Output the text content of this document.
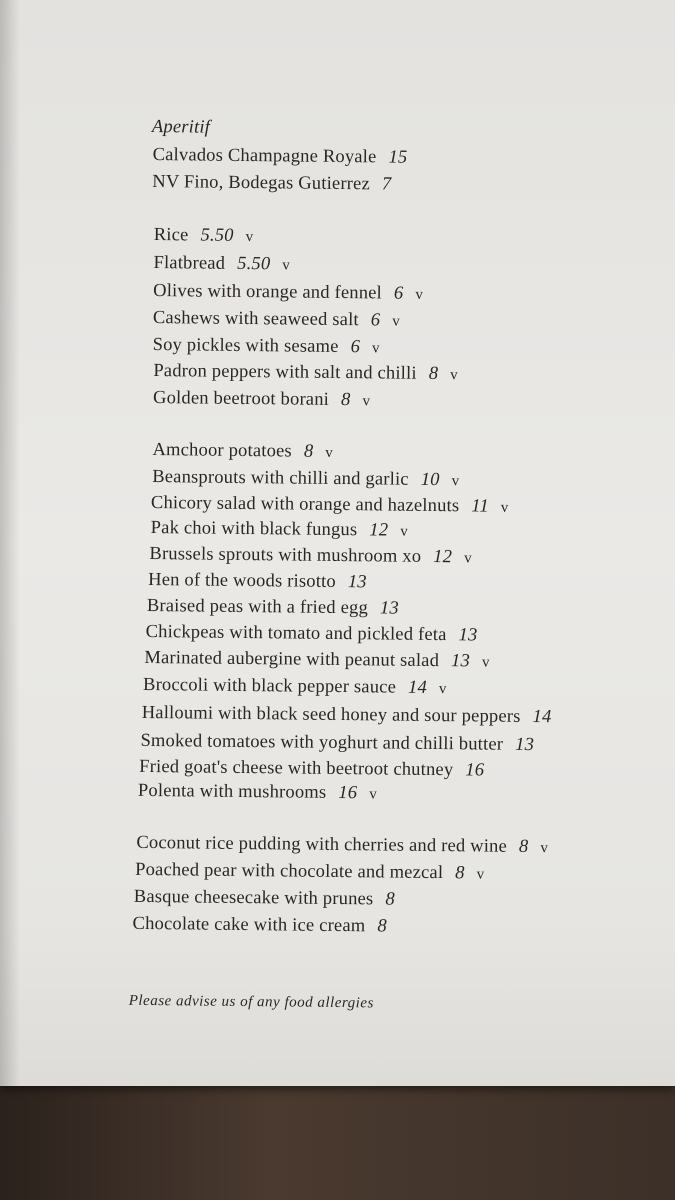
Aperitif
Calvados Champagne Royale 15
NV Fino, Bodegas Gutierrez 7
Rice 5.50 v
Flatbread 5.50 v
Olives with orange and fennel 6 v
Cashews with seaweed salt 6 v
Soy pickles with sesame 6 v
Padron peppers with salt and chilli 8 v
Golden beetroot borani 8 v
Amchoor potatoes 8 v
Beansprouts with chilli and garlic 10 v
Chicory salad with orange and hazelnuts 11 v
Pak choi with black fungus 12 v
Brussels sprouts with mushroom xo 12 v
Hen of the woods risotto 13
Braised peas with a fried egg 13
Chickpeas with tomato and pickled feta 13
Marinated aubergine with peanut salad 13 v
Broccoli with black pepper sauce 14 v
Halloumi with black seed honey and sour peppers 14
Smoked tomatoes with yoghurt and chilli butter 13
Fried goat's cheese with beetroot chutney 16
Polenta with mushrooms 16 v
Coconut rice pudding with cherries and red wine 8 v
Poached pear with chocolate and mezcal 8 v
Basque cheesecake with prunes 8
Chocolate cake with ice cream 8
Please advise us of any food allergies
